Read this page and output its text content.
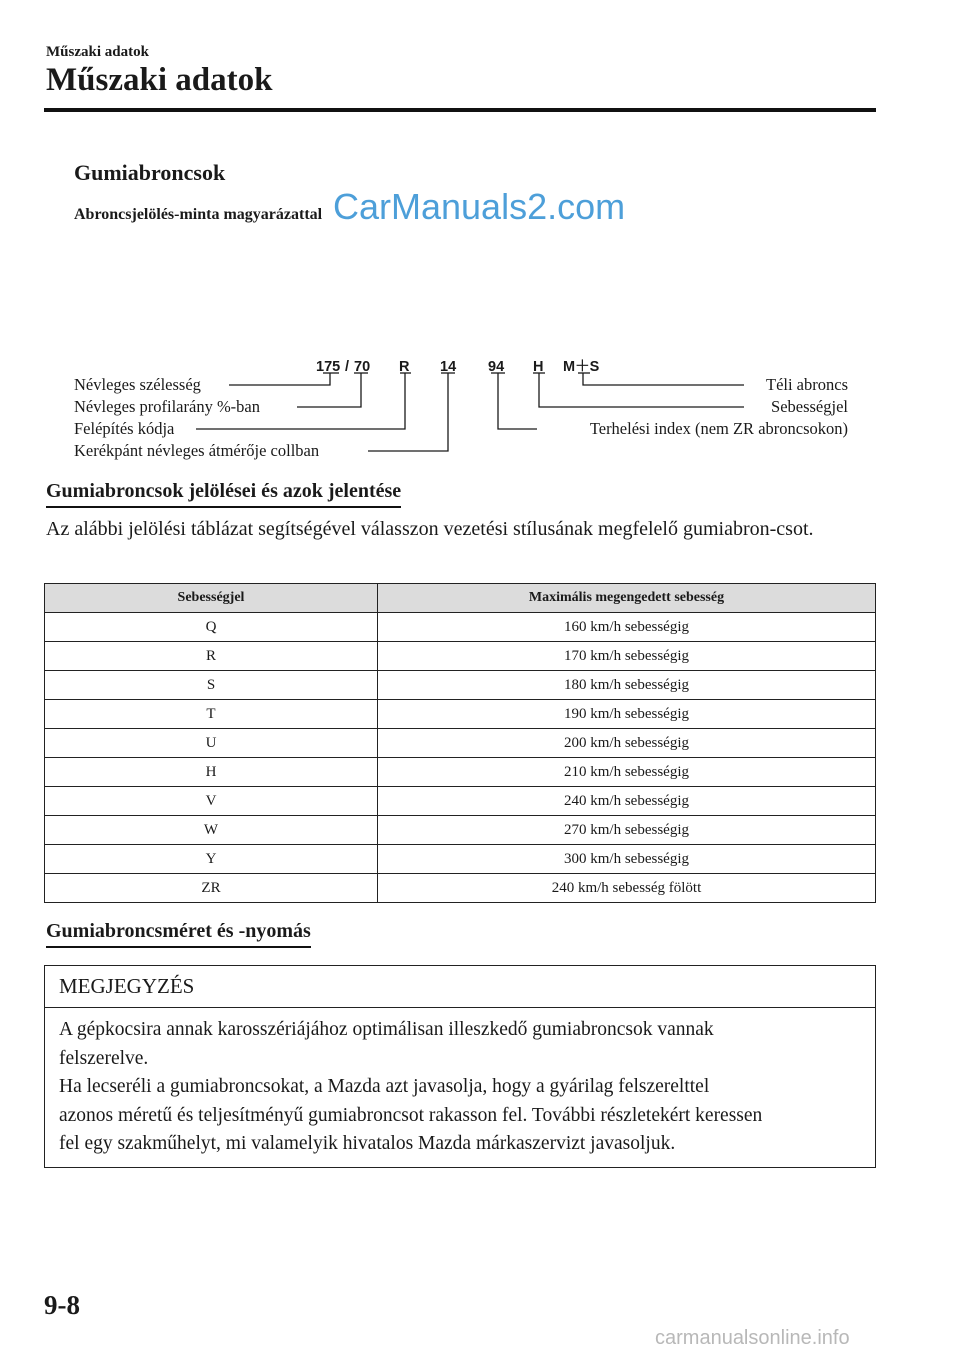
Műszaki adatok
Műszaki adatok
Gumiabroncsok
Abroncsjelölés-minta magyarázattal CarManuals2.com
175 / 70 R 14 94 H M＋S
Névleges szélesség
Névleges profilarány %-ban
Felépítés kódja
Kerékpánt névleges átmérője collban
Téli abroncs
Sebességjel
Terhelési index (nem ZR abroncsokon)
Gumiabroncsok jelölései és azok jelentése
Az alábbi jelölési táblázat segítségével válasszon vezetési stílusának megfelelő gumiabron-csot.
Sebességjel	Maximális megengedett sebesség
Q	160 km/h sebességig
R	170 km/h sebességig
S	180 km/h sebességig
T	190 km/h sebességig
U	200 km/h sebességig
H	210 km/h sebességig
V	240 km/h sebességig
W	270 km/h sebességig
Y	300 km/h sebességig
ZR	240 km/h sebesség fölött
Gumiabroncsméret és -nyomás
MEGJEGYZÉS
A gépkocsira annak karosszériájához optimálisan illeszkedő gumiabroncsok vannak
felszerelve.
Ha lecseréli a gumiabroncsokat, a Mazda azt javasolja, hogy a gyárilag felszerelttel
azonos méretű és teljesítményű gumiabroncsot rakasson fel. További részletekért keressen
fel egy szakműhelyt, mi valamelyik hivatalos Mazda márkaszervizt javasoljuk.
9-8
carmanualsonline.info
